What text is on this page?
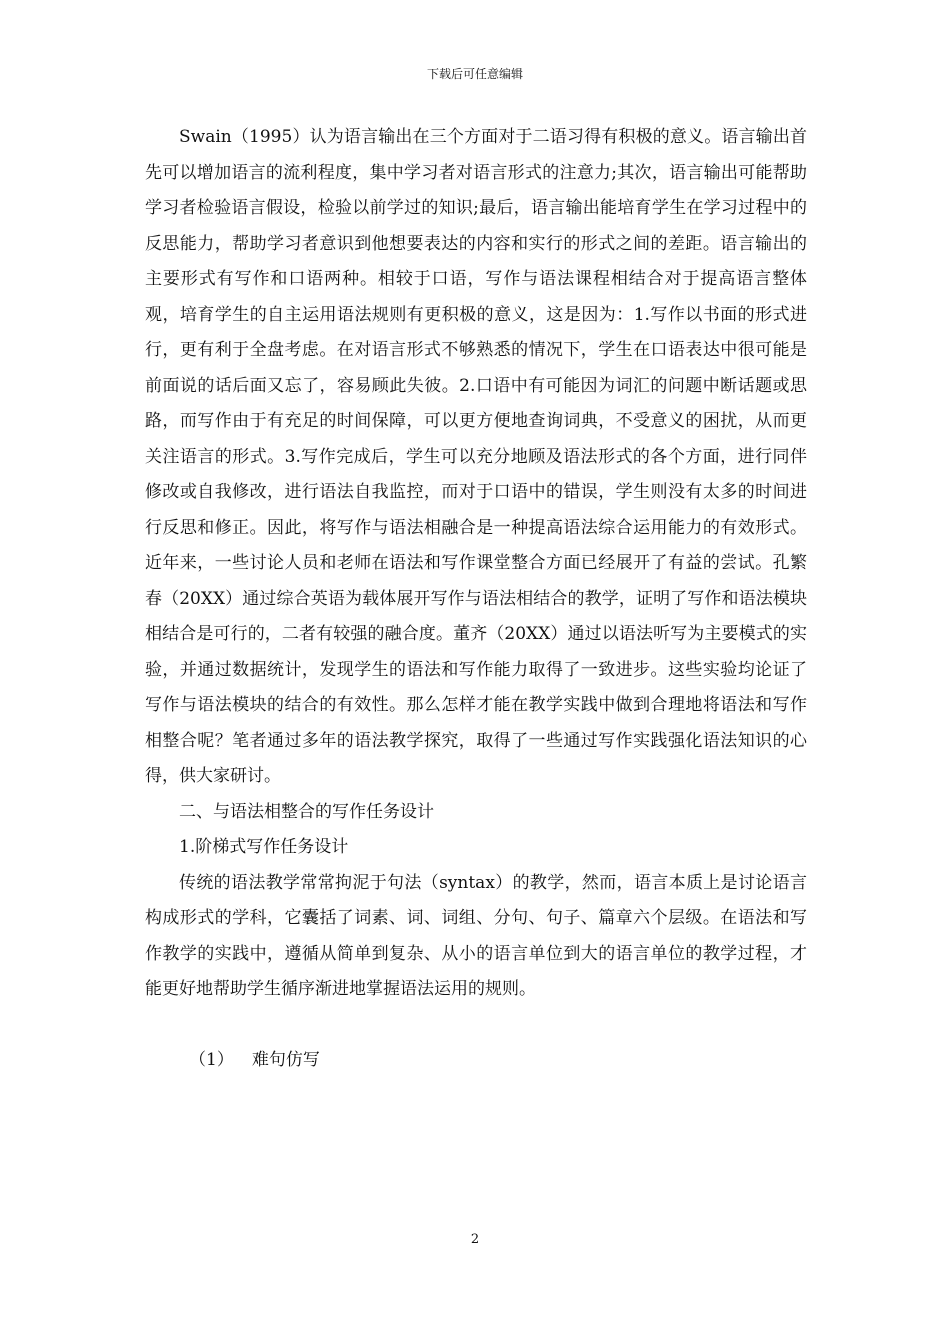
下载后可任意编辑

Swain（1995）认为语言输出在三个方面对于二语习得有积极的意义。语言输出首先可以增加语言的流利程度，集中学习者对语言形式的注意力;其次，语言输出可能帮助学习者检验语言假设，检验以前学过的知识;最后，语言输出能培育学生在学习过程中的反思能力，帮助学习者意识到他想要表达的内容和实行的形式之间的差距。语言输出的主要形式有写作和口语两种。相较于口语，写作与语法课程相结合对于提高语言整体观，培育学生的自主运用语法规则有更积极的意义，这是因为：1.写作以书面的形式进行，更有利于全盘考虑。在对语言形式不够熟悉的情况下，学生在口语表达中很可能是前面说的话后面又忘了，容易顾此失彼。2.口语中有可能因为词汇的问题中断话题或思路，而写作由于有充足的时间保障，可以更方便地查询词典，不受意义的困扰，从而更关注语言的形式。3.写作完成后，学生可以充分地顾及语法形式的各个方面，进行同伴修改或自我修改，进行语法自我监控，而对于口语中的错误，学生则没有太多的时间进行反思和修正。因此，将写作与语法相融合是一种提高语法综合运用能力的有效形式。近年来，一些讨论人员和老师在语法和写作课堂整合方面已经展开了有益的尝试。孔繁春（20XX）通过综合英语为载体展开写作与语法相结合的教学，证明了写作和语法模块相结合是可行的，二者有较强的融合度。董齐（20XX）通过以语法听写为主要模式的实验，并通过数据统计，发现学生的语法和写作能力取得了一致进步。这些实验均论证了写作与语法模块的结合的有效性。那么怎样才能在教学实践中做到合理地将语法和写作相整合呢？笔者通过多年的语法教学探究，取得了一些通过写作实践强化语法知识的心得，供大家研讨。

二、与语法相整合的写作任务设计

1.阶梯式写作任务设计

传统的语法教学常常拘泥于句法（syntax）的教学，然而，语言本质上是讨论语言构成形式的学科，它囊括了词素、词、词组、分句、句子、篇章六个层级。在语法和写作教学的实践中，遵循从简单到复杂、从小的语言单位到大的语言单位的教学过程，才能更好地帮助学生循序渐进地掌握语法运用的规则。

（1） 难句仿写

2
